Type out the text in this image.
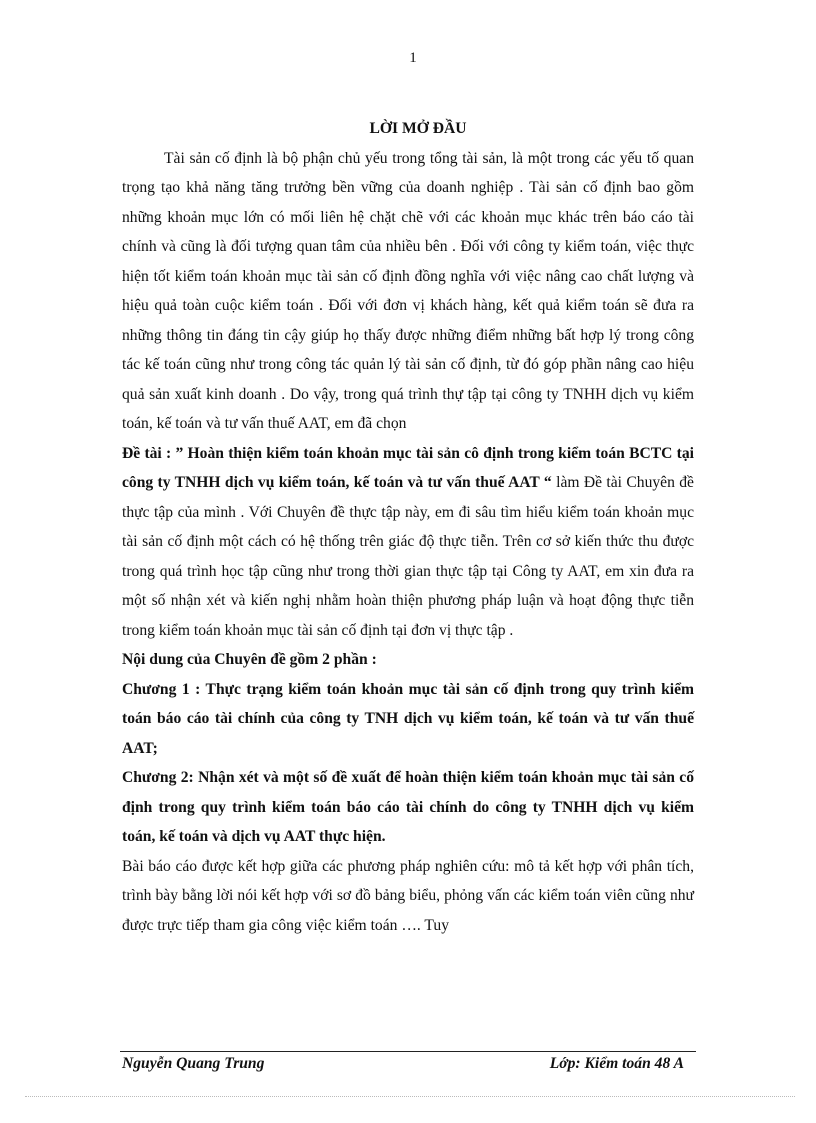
1
LỜI MỞ ĐẦU

Tài sản cố định là bộ phận chủ yếu trong tổng tài sản, là một trong các yếu tố quan trọng tạo khả năng tăng trưởng bền vững của doanh nghiệp . Tài sản cố định bao gồm những khoản mục lớn có mối liên hệ chặt chẽ với các khoản mục khác trên báo cáo tài chính và cũng là đối tượng quan tâm của nhiều bên . Đối với công ty kiểm toán, việc thực hiện tốt kiểm toán khoản mục tài sản cố định đồng nghĩa với việc nâng cao chất lượng và hiệu quả toàn cuộc kiểm toán . Đối với đơn vị khách hàng, kết quả kiểm toán sẽ đưa ra những thông tin đáng tin cậy giúp họ thấy được những điểm những bất hợp lý trong công tác kế toán cũng như trong công tác quản lý tài sản cố định, từ đó góp phần nâng cao hiệu quả sản xuất kinh doanh . Do vậy, trong quá trình thự tập tại công ty TNHH dịch vụ kiểm toán, kế toán và tư vấn thuế AAT, em đã chọn

Đề tài : ” Hoàn thiện kiểm toán khoản mục tài sản cô định trong kiểm toán BCTC tại công ty TNHH dịch vụ kiểm toán, kế toán và tư vấn thuế AAT “ làm Đề tài Chuyên đề thực tập của mình . Với Chuyên đề thực tập này, em đi sâu tìm hiểu kiểm toán khoản mục tài sản cố định một cách có hệ thống trên giác độ thực tiễn. Trên cơ sở kiến thức thu được trong quá trình học tập cũng như trong thời gian thực tập tại Công ty AAT, em xin đưa ra một số nhận xét và kiến nghị nhằm hoàn thiện phương pháp luận và hoạt động thực tiễn trong kiểm toán khoản mục tài sản cố định tại đơn vị thực tập .

Nội dung của Chuyên đề gồm 2 phần :

Chương 1 : Thực trạng kiểm toán khoản mục tài sản cố định trong quy trình kiểm toán báo cáo tài chính của công ty TNH dịch vụ kiểm toán, kế toán và tư vấn thuế AAT;

Chương 2: Nhận xét và một số đề xuất để hoàn thiện kiểm toán khoản mục tài sản cố định trong quy trình kiểm toán báo cáo tài chính do công ty TNHH dịch vụ kiểm toán, kế toán và dịch vụ AAT thực hiện.

Bài báo cáo được kết hợp giữa các phương pháp nghiên cứu: mô tả kết hợp với phân tích, trình bày bằng lời nói kết hợp với sơ đồ bảng biểu, phỏng vấn các kiểm toán viên cũng như được trực tiếp tham gia công việc kiểm toán …. Tuy

Nguyễn Quang Trung	Lớp: Kiểm toán 48 A
